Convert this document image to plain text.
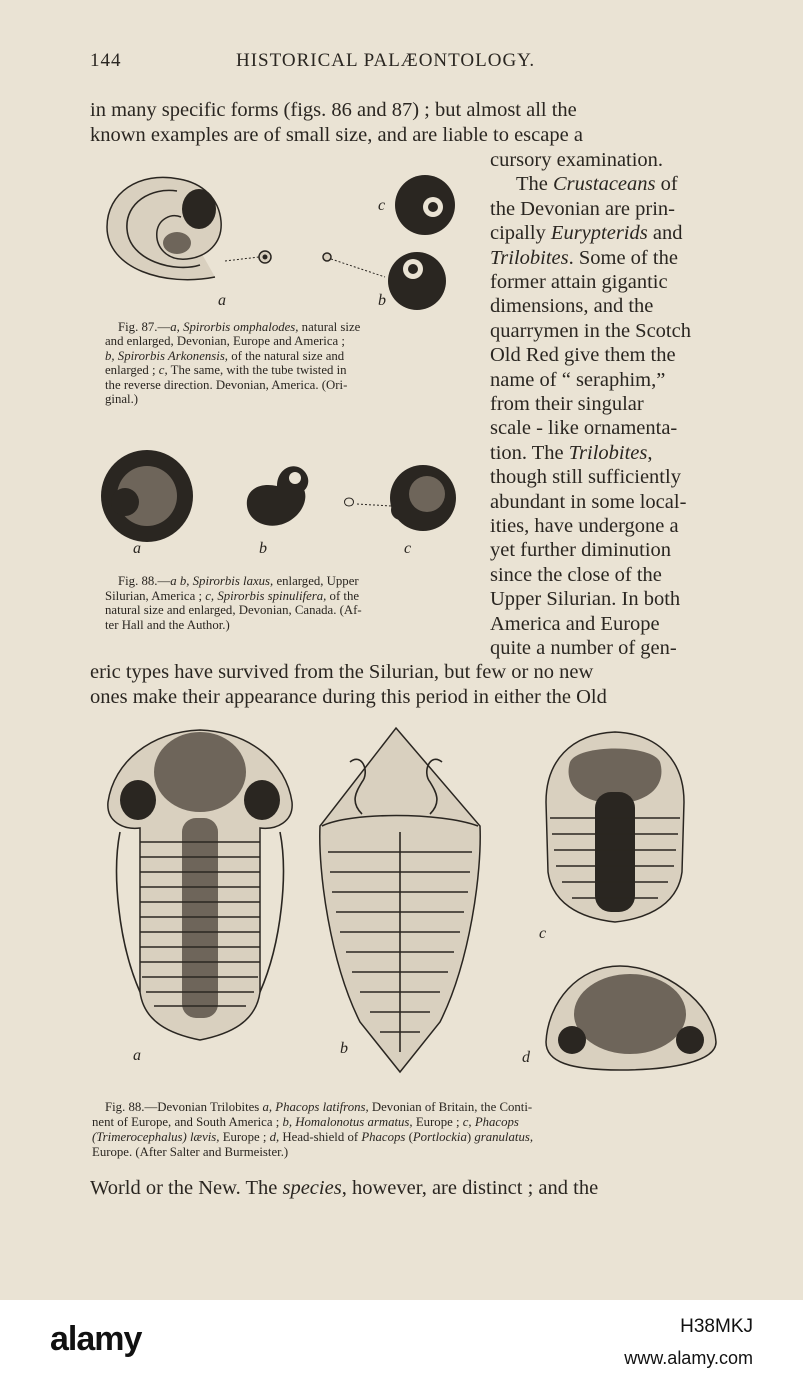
144	HISTORICAL PALÆONTOLOGY.
in many specific forms (figs. 86 and 87) ; but almost all the
known examples are of small size, and are liable to escape a
cursory examination.
The Crustaceans of
the Devonian are prin-
cipally Eurypterids and
Trilobites. Some of the
former attain gigantic
dimensions, and the
quarrymen in the Scotch
Old Red give them the
name of “ seraphim,”
from their singular
scale - like ornamenta-
tion. The Trilobites,
though still sufficiently
abundant in some local-
ities, have undergone a
yet further diminution
since the close of the
Upper Silurian. In both
America and Europe
quite a number of gen-
a	b
c
Fig. 87.—a, Spirorbis omphalodes, natural size
and enlarged, Devonian, Europe and America ;
b, Spirorbis Arkonensis, of the natural size and
enlarged ; c, The same, with the tube twisted in
the reverse direction. Devonian, America. (Ori-
ginal.)
a	b	c
Fig. 88.—a b, Spirorbis laxus, enlarged, Upper
Silurian, America ; c, Spirorbis spinulifera, of the
natural size and enlarged, Devonian, Canada. (Af-
ter Hall and the Author.)
eric types have survived from the Silurian, but few or no new
ones make their appearance during this period in either the Old
a	b
c
d
Fig. 88.—Devonian Trilobites a, Phacops latifrons, Devonian of Britain, the Conti-
nent of Europe, and South America ; b, Homalonotus armatus, Europe ; c, Phacops
(Trimerocephalus) lævis, Europe ; d, Head-shield of Phacops (Portlockia) granulatus,
Europe. (After Salter and Burmeister.)
World or the New. The species, however, are distinct ; and the
alamy	H38MKJ
www.alamy.com
